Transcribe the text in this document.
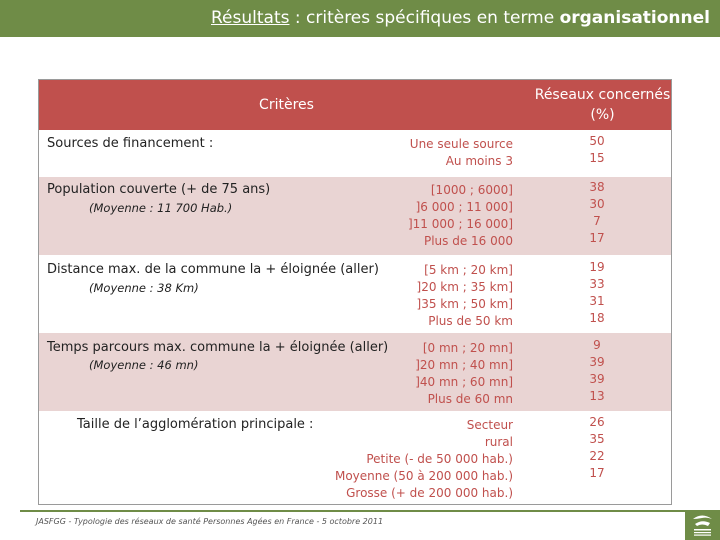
Résultats : critères spécifiques en terme organisationnel
Critères
Réseaux concernés
(%)
Sources de financement :	Une seule source
Au moins 3
50
15
Population couverte (+ de 75 ans)
(Moyenne : 11 700 Hab.)
[1000 ; 6000]
]6 000 ; 11 000]
]11 000 ; 16 000]
Plus de 16 000
38
30
7
17
Distance max. de la commune la + éloignée (aller)
(Moyenne : 38 Km)
[5 km ; 20 km]
]20 km ; 35 km]
]35 km ; 50 km]
Plus de 50 km
19
33
31
18
Temps parcours max. commune la + éloignée (aller)
(Moyenne : 46 mn)
[0 mn ; 20 mn]
]20 mn ; 40 mn]
]40 mn ; 60 mn]
Plus de 60 mn
9
39
39
13
Taille de l’agglomération principale :	Secteur
rural
Petite (- de 50 000 hab.)
Moyenne (50 à 200 000 hab.)
Grosse (+ de 200 000 hab.)
26
35
22
17
JASFGG - Typologie des réseaux de santé Personnes Agées en France - 5 octobre 2011
